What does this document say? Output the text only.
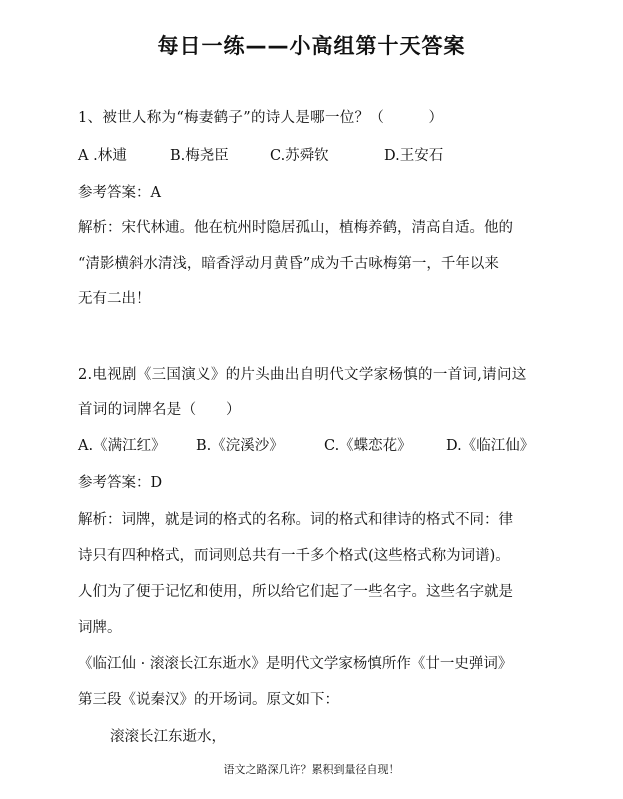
每日一练——小高组第十天答案
1、被世人称为“梅妻鹤子”的诗人是哪一位？（　　　）
A .林逋	B.梅尧臣	C.苏舜钦	D.王安石
参考答案：A
解析：宋代林逋。他在杭州时隐居孤山，植梅养鹤，清高自适。他的
“清影横斜水清浅，暗香浮动月黄昏”成为千古咏梅第一，千年以来
无有二出！
2.电视剧《三国演义》的片头曲出自明代文学家杨慎的一首词,请问这
首词的词牌名是（　　）
A.《满江红》 B.《浣溪沙》	C.《蝶恋花》 D.《临江仙》
参考答案：D
解析：词牌，就是词的格式的名称。词的格式和律诗的格式不同：律
诗只有四种格式，而词则总共有一千多个格式(这些格式称为词谱)。
人们为了便于记忆和使用，所以给它们起了一些名字。这些名字就是
词牌。
《临江仙 · 滚滚长江东逝水》是明代文学家杨慎所作《廿一史弹词》
第三段《说秦汉》的开场词。原文如下：
滚滚长江东逝水，
语文之路深几许？累积到量径自现！
